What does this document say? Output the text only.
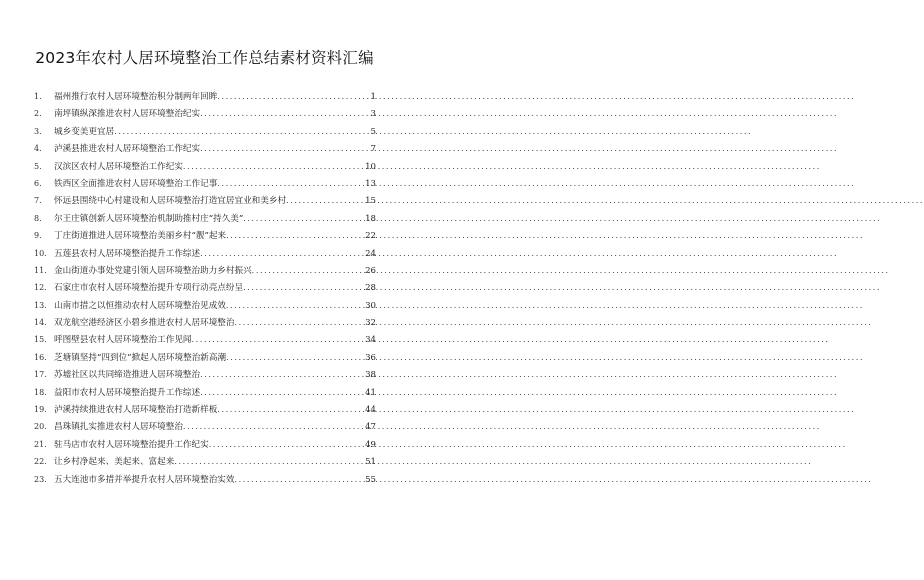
2023年农村人居环境整治工作总结素材资料汇编
1.	福州推行农村人居环境整治积分制两年回眸 .....	1
2.	南坪镇纵深推进农村人居环境整治纪实 .....	3
3.	城乡变美更宜居 .....	5
4.	泸溪县推进农村人居环境整治工作纪实 .....	7
5.	汉滨区农村人居环境整治工作纪实 .....	10
6.	铁西区全面推进农村人居环境整治工作记事 .....	13
7.	怀远县围绕中心村建设和人居环境整治打造宜居宜业和美乡村 .....	15
8.	尔王庄镇创新人居环境整治机制助推村庄“持久美” .....	18
9.	丁庄街道推进人居环境整治美丽乡村“靓”起来 .....	22
10. 五莲县农村人居环境整治提升工作综述 .....	24
11. 金山街道办事处党建引领人居环境整治助力乡村振兴 .....	26
12. 石家庄市农村人居环境整治提升专项行动亮点纷呈 .....	28
13. 山南市措之以恒推动农村人居环境整治见成效 .....	30
14. 双龙航空港经济区小碧乡推进农村人居环境整治 .....	32
15. 呼图壁县农村人居环境整治工作见闻 .....	34
16. 芝塘镇坚持“四到位”掀起人居环境整治新高潮 .....	36
17. 苏墟社区以共同缔造推进人居环境整治 .....	38
18. 益阳市农村人居环境整治提升工作综述 .....	41
19. 泸溪持续推进农村人居环境整治打造新样板 .....	44
20. 昌珠镇扎实推进农村人居环境整治 .....	47
21. 驻马店市农村人居环境整治提升工作纪实 .....	49
22. 让乡村净起来、美起来、富起来 .....	51
23. 五大连池市多措并举提升农村人居环境整治实效 .....	55
